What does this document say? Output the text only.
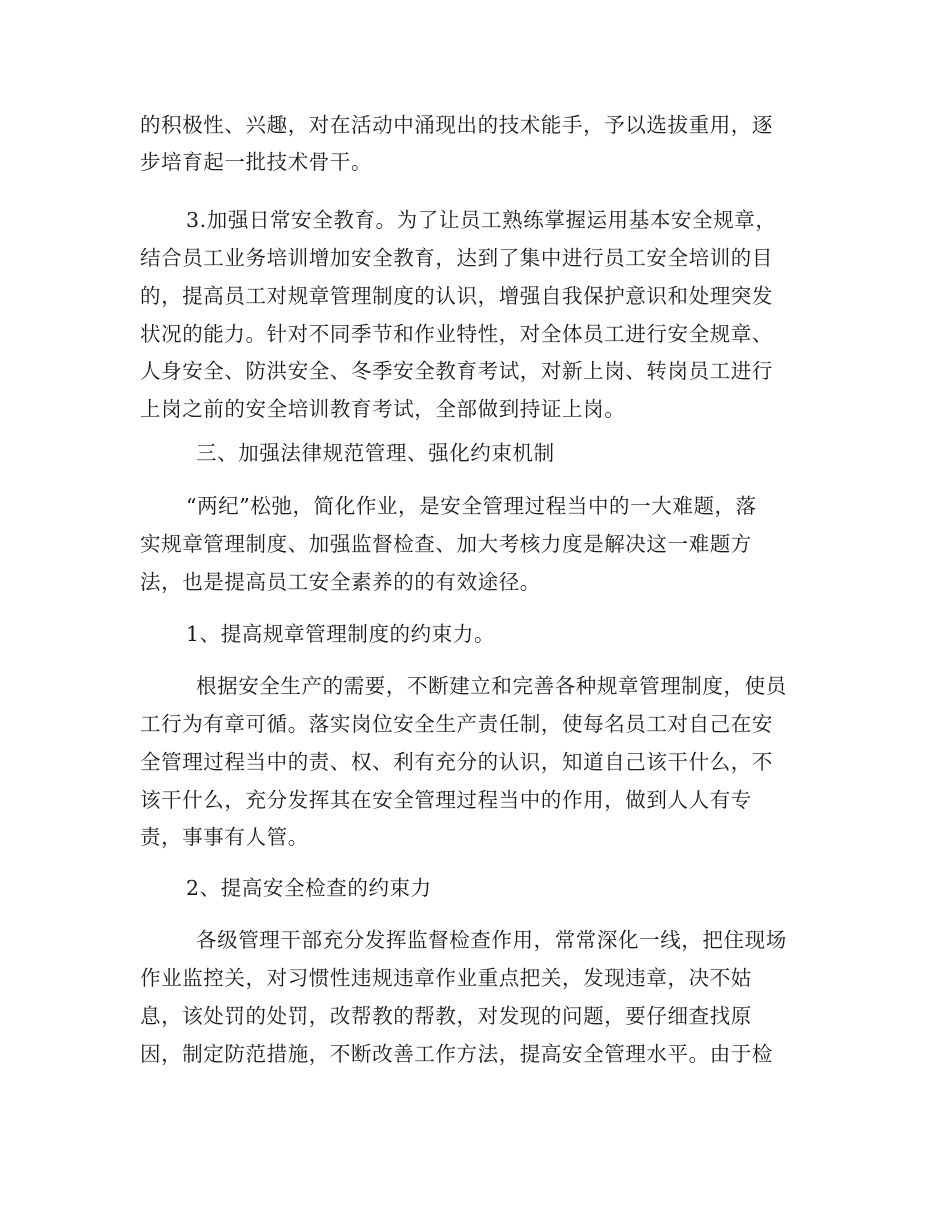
的积极性、兴趣，对在活动中涌现出的技术能手，予以选拔重用，逐
步培育起一批技术骨干。
3.加强日常安全教育。为了让员工熟练掌握运用基本安全规章，
结合员工业务培训增加安全教育，达到了集中进行员工安全培训的目
的，提高员工对规章管理制度的认识，增强自我保护意识和处理突发
状况的能力。针对不同季节和作业特性，对全体员工进行安全规章、
人身安全、防洪安全、冬季安全教育考试，对新上岗、转岗员工进行
上岗之前的安全培训教育考试，全部做到持证上岗。
三、加强法律规范管理、强化约束机制
“两纪”松弛，简化作业，是安全管理过程当中的一大难题，落
实规章管理制度、加强监督检查、加大考核力度是解决这一难题方
法，也是提高员工安全素养的的有效途径。
1、提高规章管理制度的约束力。
根据安全生产的需要，不断建立和完善各种规章管理制度，使员
工行为有章可循。落实岗位安全生产责任制，使每名员工对自己在安
全管理过程当中的责、权、利有充分的认识，知道自己该干什么，不
该干什么，充分发挥其在安全管理过程当中的作用，做到人人有专
责，事事有人管。
2、提高安全检查的约束力
各级管理干部充分发挥监督检查作用，常常深化一线，把住现场
作业监控关，对习惯性违规违章作业重点把关，发现违章，决不姑
息，该处罚的处罚，改帮教的帮教，对发现的问题，要仔细查找原
因，制定防范措施，不断改善工作方法，提高安全管理水平。由于检
